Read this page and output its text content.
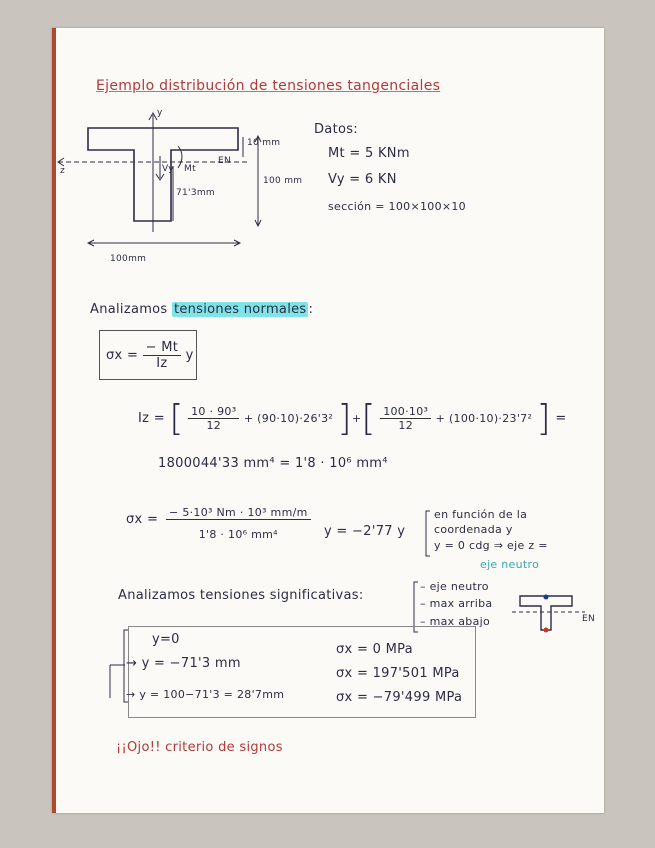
Ejemplo distribución de tensiones tangenciales
y
z	Vy Mt
EN
10 mm
100 mm
71'3mm
100mm
Datos:
Mt = 5 KNm
Vy = 6 KN
sección = 100×100×10
Analizamos tensiones normales :
$\sigma x = \frac{- Mt}{Iz}$ y
Iz = [ $\frac{\text{10 · 90³}}{12} + (90\cdot 10)\cdot 26'3^2$ ]+[ $\frac{\text{100·10³}}{12} + (100\cdot 10)\cdot 23'7^2$ ] =
1800044'33 mm⁴ = 1'8 · 10⁶ mm⁴
$\sigma x = \frac{\text{− 5·10³ Nm · 10³ mm/m}}{\text{1'8 · 10⁶ mm⁴}}$ y = −2'77 y
en función de la
coordenada y
y = 0 cdg ⇒ eje z =
eje neutro
Analizamos tensiones significativas:
– eje neutro
– max arriba
– max abajo	EN
y=0
σx = 0 MPa
→ y = −71'3 mm
σx = 197'501 MPa
→ y = 100−71'3 = 28'7mm	σx = −79'499 MPa
¡¡Ojo!! criterio de signos
